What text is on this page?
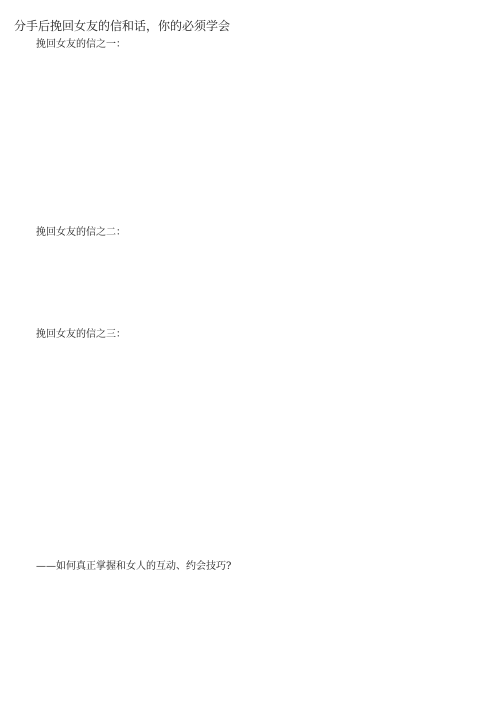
分手后挽回女友的信和话，你的必须学会
挽回女友的信之一：
挽回女友的信之二：
挽回女友的信之三：
——如何真正掌握和女人的互动、约会技巧?
